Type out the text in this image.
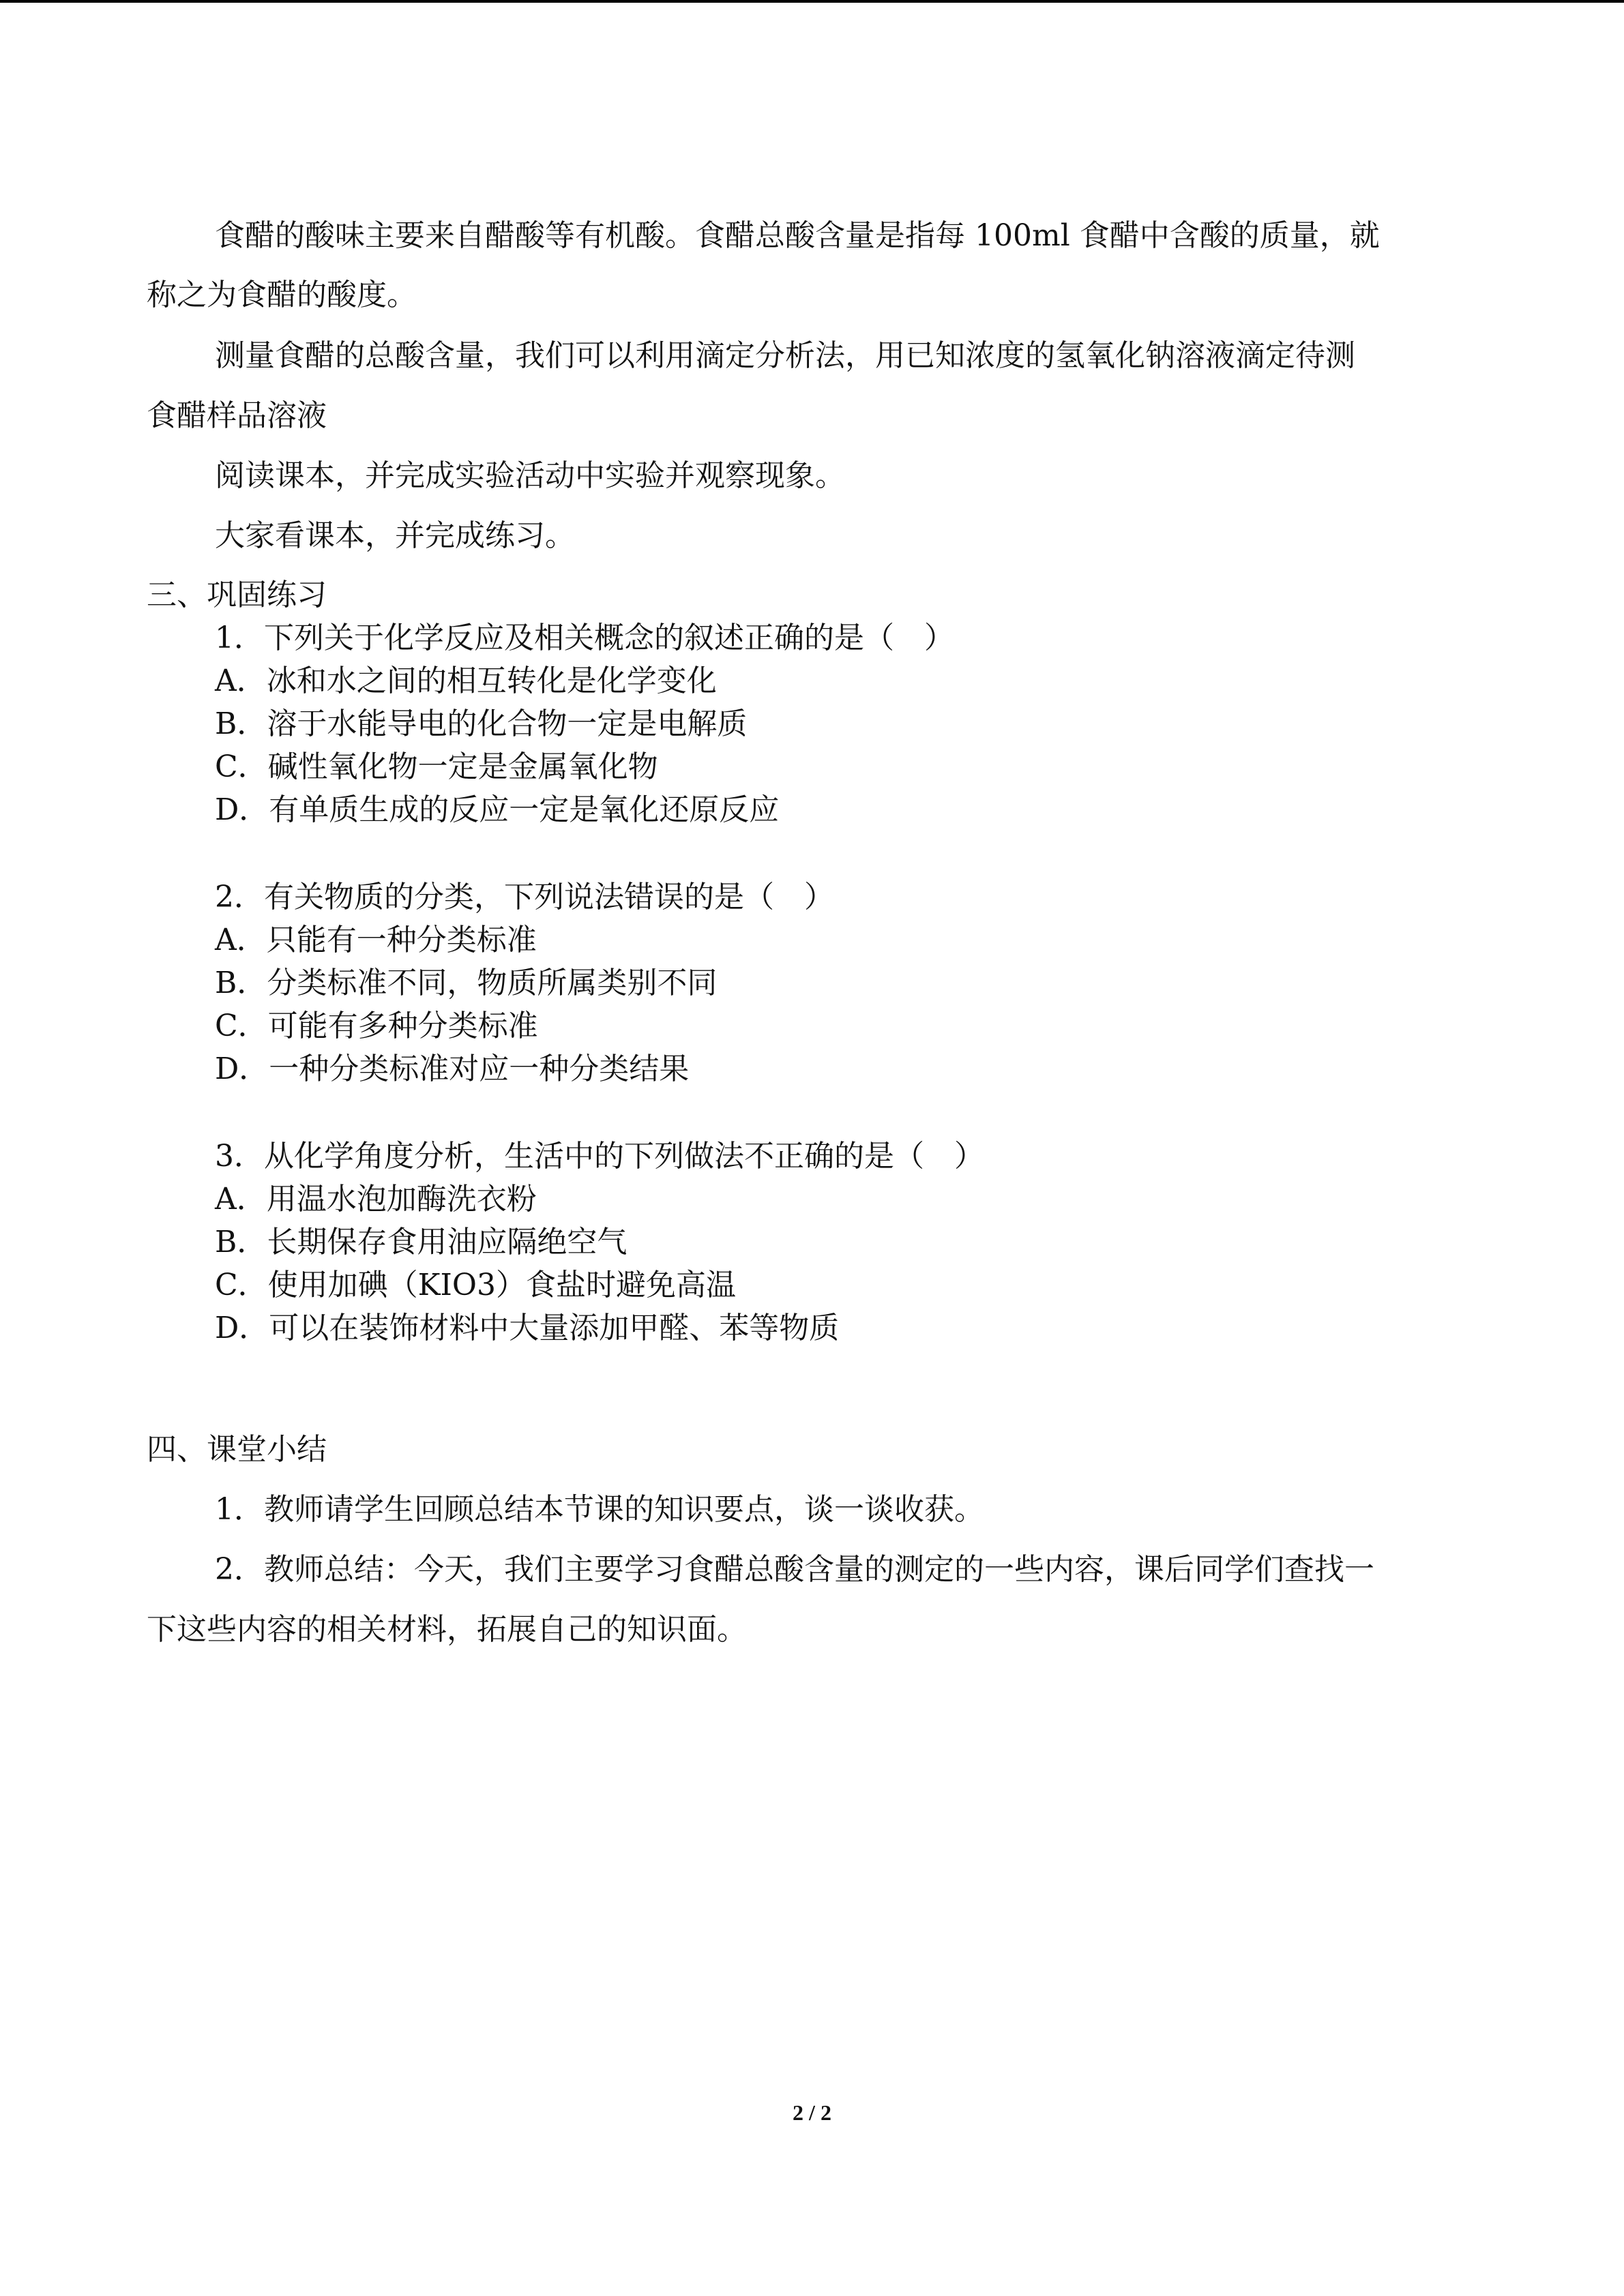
食醋的酸味主要来自醋酸等有机酸。食醋总酸含量是指每 100ml 食醋中含酸的质量，就

称之为食醋的酸度。

测量食醋的总酸含量，我们可以利用滴定分析法，用已知浓度的氢氧化钠溶液滴定待测

食醋样品溶液

阅读课本，并完成实验活动中实验并观察现象。

大家看课本，并完成练习。

三、巩固练习

1．下列关于化学反应及相关概念的叙述正确的是（　）

A．冰和水之间的相互转化是化学变化

B．溶于水能导电的化合物一定是电解质

C．碱性氧化物一定是金属氧化物

D．有单质生成的反应一定是氧化还原反应

2．有关物质的分类，下列说法错误的是（　）

A．只能有一种分类标准

B．分类标准不同，物质所属类别不同

C．可能有多种分类标准

D．一种分类标准对应一种分类结果

3．从化学角度分析，生活中的下列做法不正确的是（　）

A．用温水泡加酶洗衣粉

B．长期保存食用油应隔绝空气

C．使用加碘（KIO3）食盐时避免高温

D．可以在装饰材料中大量添加甲醛、苯等物质

四、课堂小结

1．教师请学生回顾总结本节课的知识要点，谈一谈收获。

2．教师总结：今天，我们主要学习食醋总酸含量的测定的一些内容，课后同学们查找一

下这些内容的相关材料，拓展自己的知识面。

2 / 2
